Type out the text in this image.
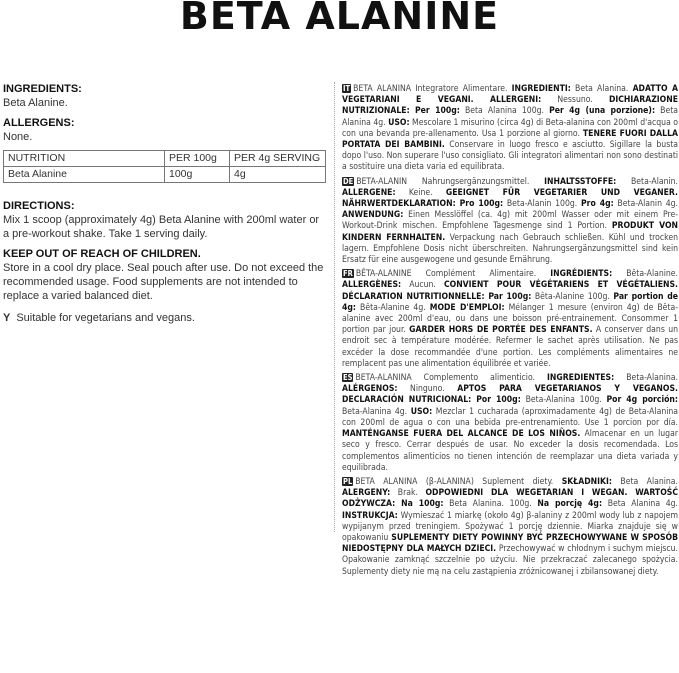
BETA ALANINE
INGREDIENTS:

Beta Alanine.

ALLERGENS:

None.

NUTRITION	PER 100g	PER 4g SERVING
Beta Alanine	100g	4g
DIRECTIONS:

Mix 1 scoop (approximately 4g) Beta Alanine with 200ml water or a pre-workout shake. Take 1 serving daily.

KEEP OUT OF REACH OF CHILDREN.

Store in a cool dry place. Seal pouch after use. Do not exceed the recommended usage. Food supplements are not intended to replace a varied balanced diet.

Y Suitable for vegetarians and vegans.
IT BETA ALANINA Integratore Alimentare. INGREDIENTI: Beta Alanina. ADATTO A VEGETARIANI E VEGANI. ALLERGENI: Nessuno. DICHIARAZIONE NUTRIZIONALE: Per 100g: Beta Alanina 100g. Per 4g (una porzione): Beta Alanina 4g. USO: Mescolare 1 misurino (circa 4g) di Beta-alanina con 200ml d'acqua o con una bevanda pre-allenamento. Usa 1 porzione al giorno. TENERE FUORI DALLA PORTATA DEI BAMBINI. Conservare in luogo fresco e asciutto. Sigillare la busta dopo l'uso. Non superare l'uso consigliato. Gli integratori alimentari non sono destinati a sostituire una dieta varia ed equilibrata.
DE BETA-ALANIN Nahrungsergänzungsmittel. INHALTSSTOFFE: Beta-Alanin. ALLERGENE: Keine. GEEIGNET FÜR VEGETARIER UND VEGANER. NÄHRWERTDEKLARATION: Pro 100g: Beta-Alanin 100g. Pro 4g: Beta-Alanin 4g. ANWENDUNG: Einen Messlöffel (ca. 4g) mit 200ml Wasser oder mit einem Pre-Workout-Drink mischen. Empfohlene Tagesmenge sind 1 Portion. PRODUKT VON KINDERN FERNHALTEN. Verpackung nach Gebrauch schließen. Kühl und trocken lagern. Empfohlene Dosis nicht überschreiten. Nahrungsergänzungsmittel sind kein Ersatz für eine ausgewogene und gesunde Ernährung.
FR BÊTA-ALANINE Complément Alimentaire. INGRÉDIENTS: Bêta-Alanine. ALLERGÈNES: Aucun. CONVIENT POUR VÉGÉTARIENS ET VÉGÉTALIENS. DÉCLARATION NUTRITIONNELLE: Par 100g: Bêta-Alanine 100g. Par portion de 4g: Bêta-Alanine 4g. MODE D'EMPLOI: Mélanger 1 mesure (environ 4g) de Bêta-alanine avec 200ml d'eau, ou dans une boisson pré-entrainement. Consommer 1 portion par jour. GARDER HORS DE PORTÉE DES ENFANTS. A conserver dans un endroit sec à température modérée. Refermer le sachet après utilisation. Ne pas excéder la dose recommandée d'une portion. Les compléments alimentaires ne remplacent pas une alimentation équilibrée et variée.
ES BETA-ALANINA Complemento alimenticio. INGREDIENTES: Beta-Alanina. ALÉRGENOS: Ninguno. APTOS PARA VEGETARIANOS Y VEGANOS. DECLARACIÓN NUTRICIONAL: Por 100g: Beta-Alanina 100g. Por 4g porción: Beta-Alanina 4g. USO: Mezclar 1 cucharada (aproximadamente 4g) de Beta-Alanina con 200ml de agua o con una bebida pre-entrenamiento. Use 1 porcion por día. MANTÉNGANSE FUERA DEL ALCANCE DE LOS NIÑOS. Almacenar en un lugar seco y fresco. Cerrar después de usar. No exceder la dosis recomendada. Los complementos alimenticios no tienen intención de reemplazar una dieta variada y equilibrada.
PL BETA ALANINA (β-ALANINA) Suplement diety. SKŁADNIKI: Beta Alanina. ALERGENY: Brak. ODPOWIEDNI DLA WEGETARIAN I WEGAN. WARTOŚĆ ODŻYWCZA: Na 100g: Beta Alanina. 100g. Na porcję 4g: Beta Alanina 4g. INSTRUKCJA: Wymieszać 1 miarkę (około 4g) β-alaniny z 200ml wody lub z napojem wypijanym przed treningiem. Spożywać 1 porcję dziennie. Miarka znajduje się w opakowaniu SUPLEMENTY DIETY POWINNY BYĆ PRZECHOWYWANE W SPOSÓB NIEDOSTĘPNY DLA MAŁYCH DZIECI. Przechowywać w chłodnym i suchym miejscu. Opakowanie zamknąć szczelnie po użyciu. Nie przekraczać zalecanego spożycia. Suplementy diety nie mą na celu zastąpienia zróżnicowanej i zbilansowanej diety.
